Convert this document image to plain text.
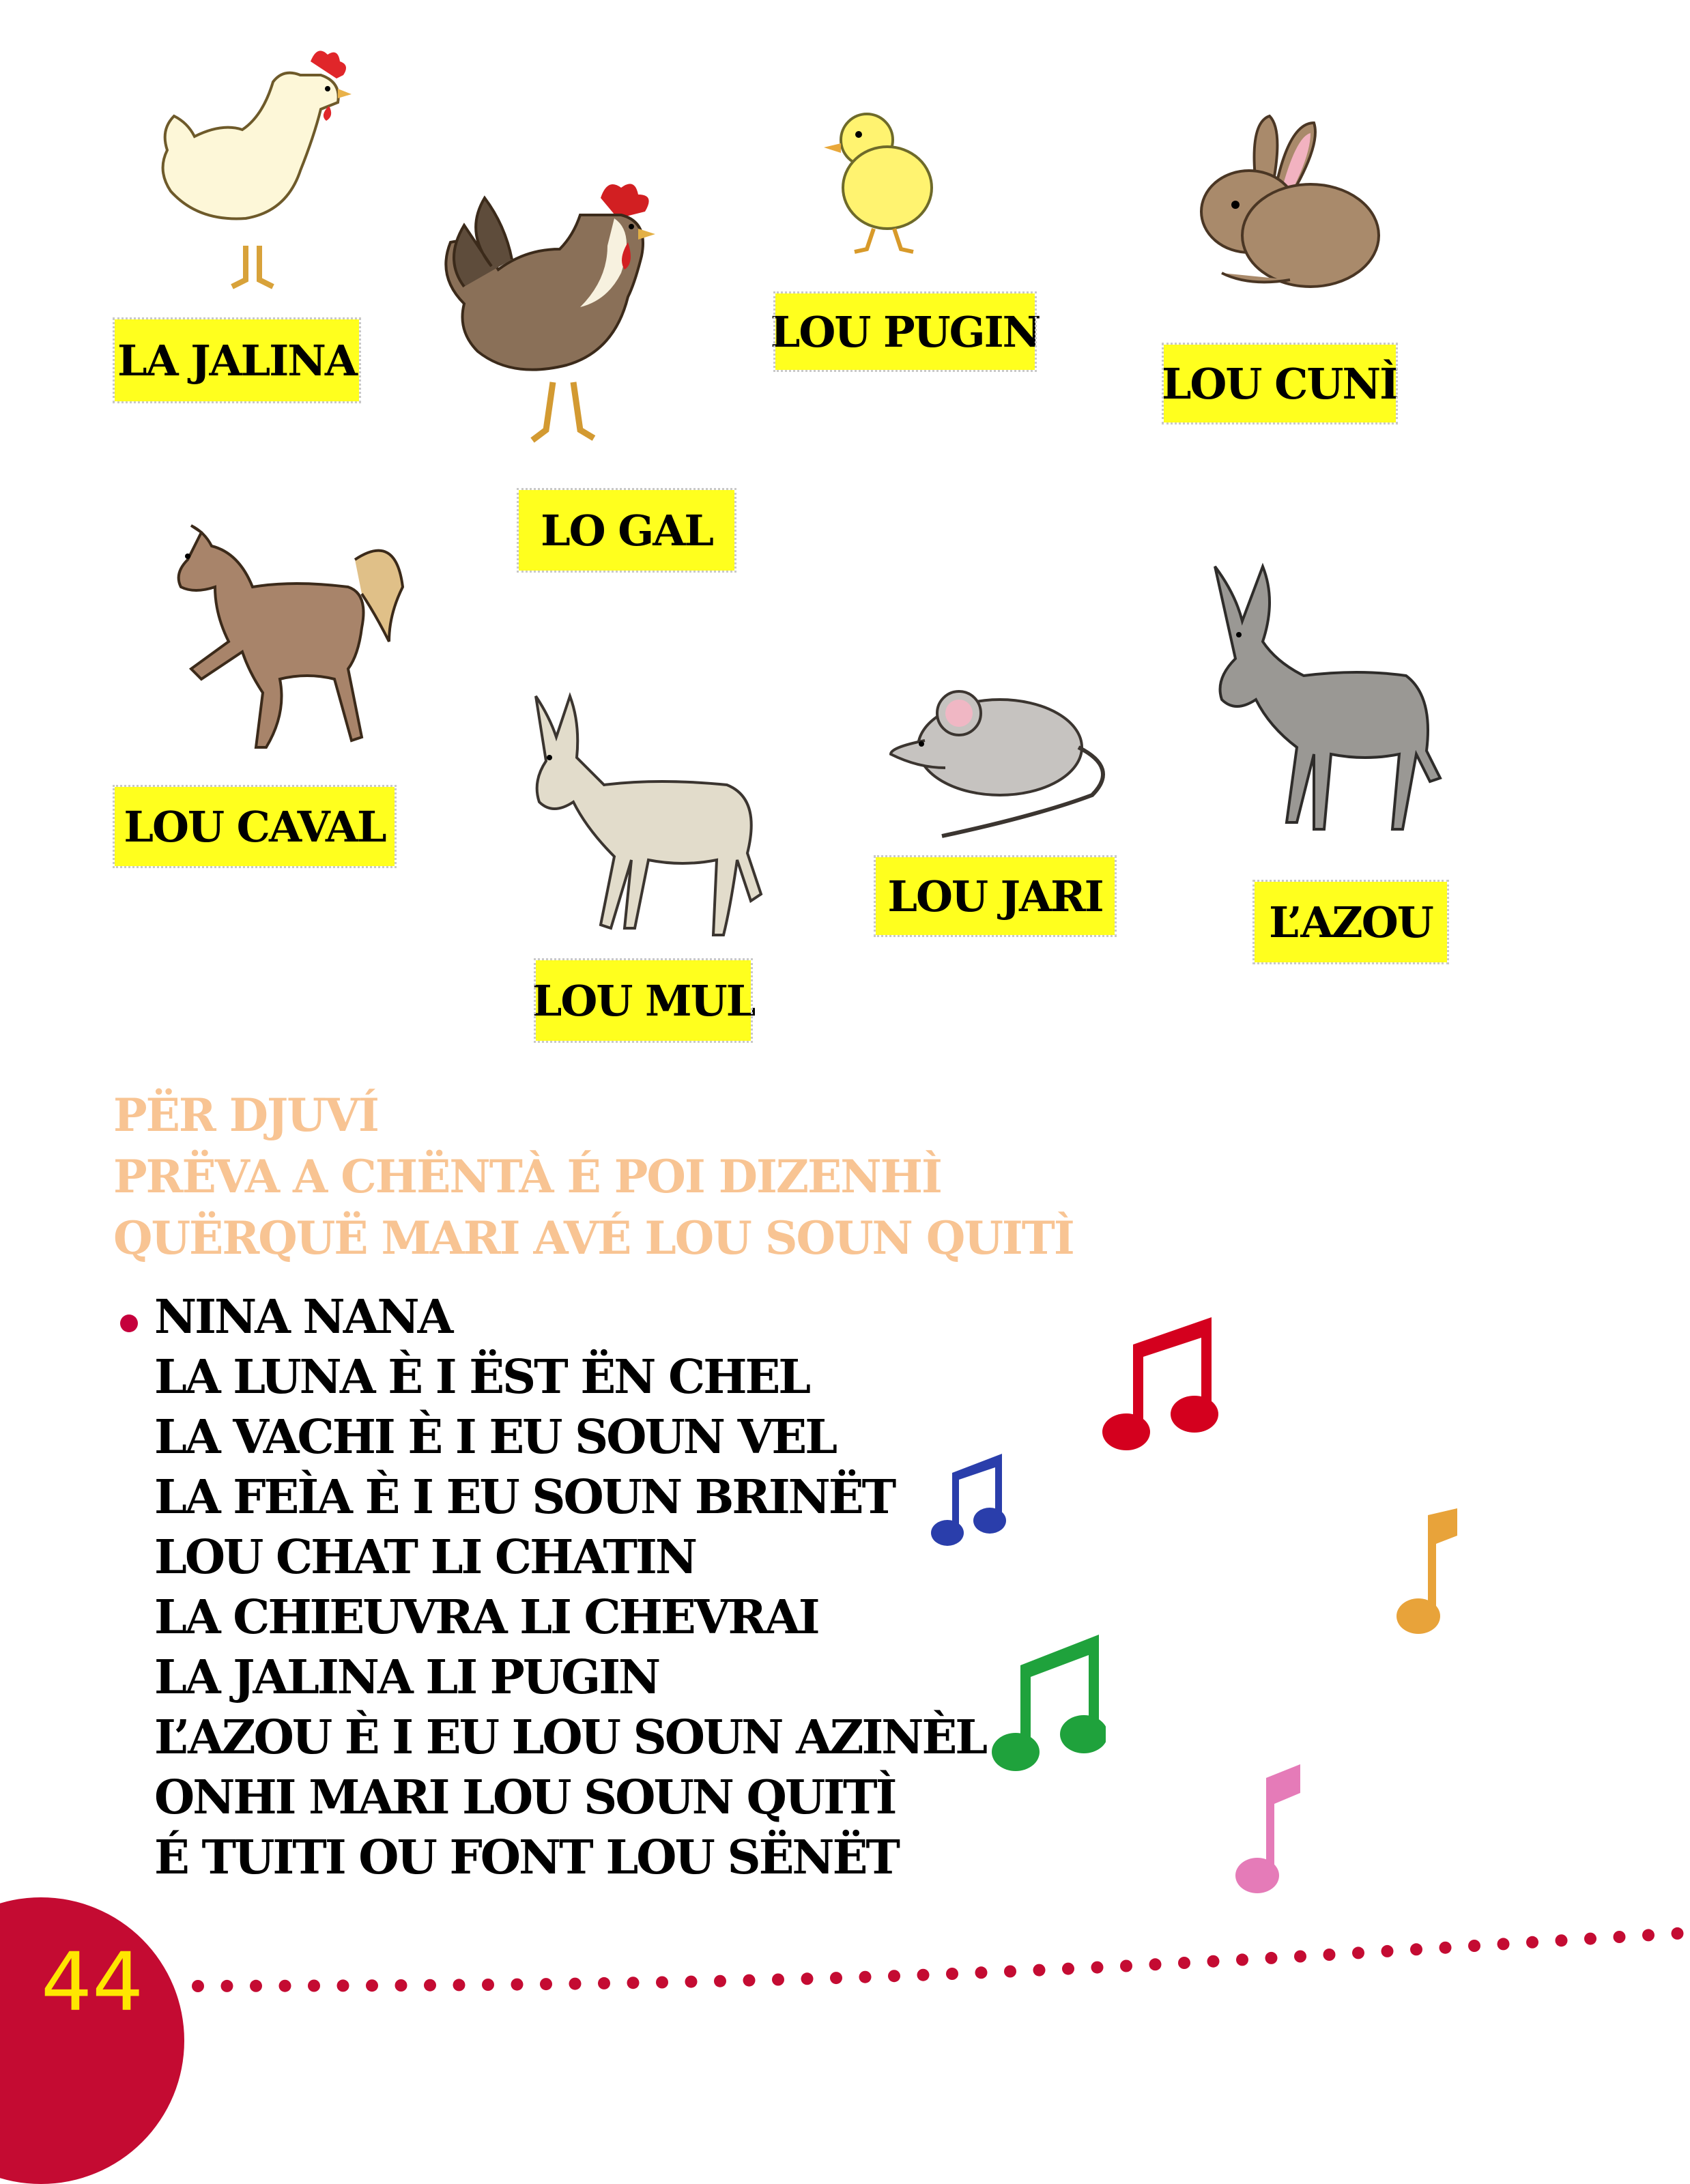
LA JALINA
LO GAL
LOU PUGIN
LOU CUNÌ
LOU CAVAL
LOU MUL
LOU JARI
L’AZOU
PËR DJUVÍ
PRËVA A CHËNTÀ É POI DIZENHÌ
QUËRQUË MARI AVÉ LOU SOUN QUITÌ
NINA NANA
LA LUNA È I ËST ËN CHEL
LA VACHI È I EU SOUN VEL
LA FEÌA È I EU SOUN BRINËT
LOU CHAT LI CHATIN
LA CHIEUVRA LI CHEVRAI
LA JALINA LI PUGIN
L’AZOU È I EU LOU SOUN AZINÈL
ONHI MARI LOU SOUN QUITÌ
É TUITI OU FONT LOU SËNËT
44
